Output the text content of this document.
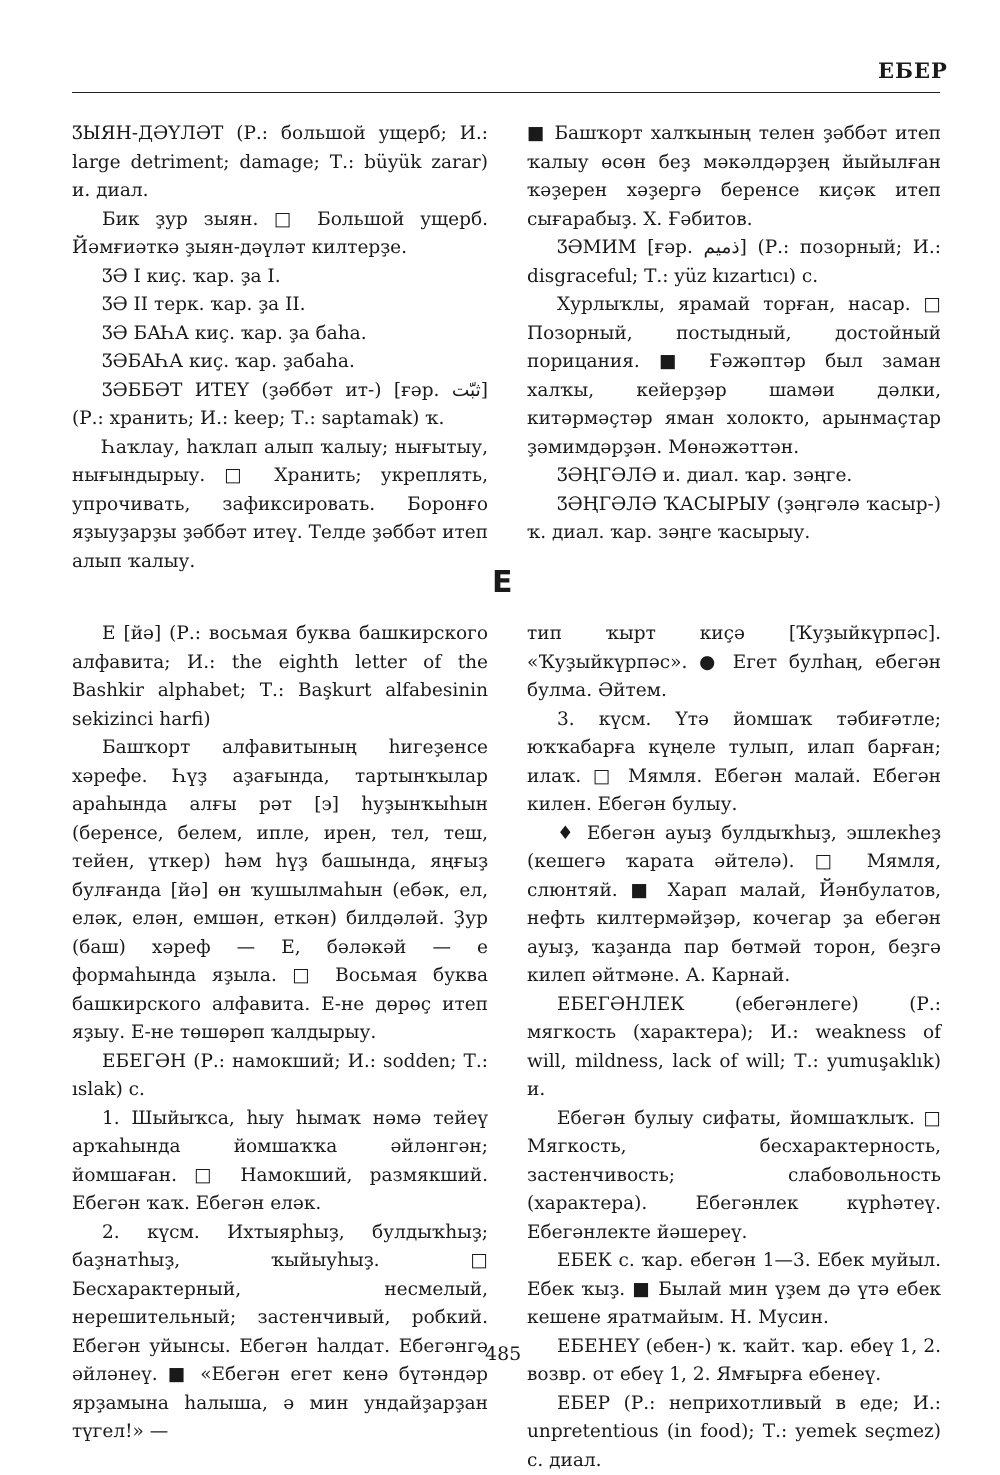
ЕБЕР

ƷЫЯН-ДӘҮЛӘТ (Р.: большой ущерб; И.: large detriment; damage; Т.: büyük zarar) и. диал.

Бик ҙур зыян. □ Большой ущерб. Йәмғиәткә ҙыян-дәүләт килтерҙе.

ƷӘ I киҫ. ҡар. ҙа I.

ƷӘ II терк. ҡар. ҙа II.

ƷӘ БАҺА киҫ. ҡар. ҙа баһа.

ƷӘБАҺА киҫ. ҡар. ҙабаһа.

ƷӘББӘТ ИТЕҮ (ҙәббәт ит-) [ғәр. ثبّت] (Р.: хранить; И.: keep; Т.: saptamak) ҡ.

Һаҡлау, һаҡлап алып ҡалыу; нығытыу, нығындырыу. □ Хранить; укреплять, упрочивать, зафиксировать. Боронғо яҙыуҙарҙы ҙәббәт итеү. Телде ҙәббәт итеп алып ҡалыу.

■ Башҡорт халҡының телен ҙәббәт итеп ҡалыу өсөн беҙ мәкәлдәрҙең йыйылған ҡәҙерен хәҙергә беренсе киҫәк итеп сығарабыҙ. Х. Ғәбитов.

ƷӘМИМ [ғәр. ذميم] (Р.: позорный; И.: disgraceful; Т.: yüz kızartıcı) с.

Хурлыҡлы, ярамай торған, насар. □ Позорный, постыдный, достойный порицания. ■ Ғәжәптәр был заман халҡы, кейерҙәр шамәи дәлки, китәрмәҫтәр яман холокто, арынмаҫтар ҙәмимдәрҙән. Мөнәжәттән.

ƷӘҢГӘЛӘ и. диал. ҡар. зәңге.

ƷӘҢГӘЛӘ ҠАСЫРЫУ (ҙәңгәлә ҡасыр-) ҡ. диал. ҡар. зәңге ҡасырыу.

Е

Е [йә] (Р.: восьмая буква башкирского алфавита; И.: the eighth letter of the Bashkir alphabet; Т.: Başkurt alfabesinin sekizinci harfi)

Башҡорт алфавитының һигеҙенсе хәрефе. Һүҙ аҙағында, тартынҡылар араһында алғы рәт [э] һуҙынҡыһын (беренсе, белем, ипле, ирен, тел, теш, тейен, үткер) һәм һүҙ башында, яңғыҙ булғанда [йә] өн ҡушылмаһын (ебәк, ел, еләк, елән, емшән, еткән) билдәләй. Ҙур (баш) хәреф — Е, бәләкәй — е формаһында яҙыла. □ Восьмая буква башкирского алфавита. Е-не дөрөҫ итеп яҙыу. Е-не төшөрөп ҡалдырыу.

ЕБЕГӘН (Р.: намокший; И.: sodden; Т.: ıslak) с.

1. Шыйыҡса, һыу һымаҡ нәмә тейеү арҡаһында йомшаҡҡа әйләнгән; йомшаған. □ Намокший, размякший. Ебегән ҡаҡ. Ебегән еләк.

2. күсм. Ихтыярһыҙ, булдыҡһыҙ; баҙнатһыҙ, ҡыйыуһыҙ. □ Бесхарактерный, несмелый, нерешительный; застенчивый, робкий. Ебегән уйынсы. Ебегән һалдат. Ебегәнгә әйләнеү. ■ «Ебегән егет кенә бүтәндәр ярҙамына һалыша, ә мин ундайҙарҙан түгел!» —

тип ҡырт киҫә [Ҡуҙыйкүрпәс]. «Ҡуҙыйкүрпәс». ● Егет булһаң, ебегән булма. Әйтем.

3. күсм. Үтә йомшаҡ тәбиғәтле; юҡҡабарға күңеле тулып, илап барған; илаҡ. □ Мямля. Ебегән малай. Ебегән килен. Ебегән булыу.

♦ Ебегән ауыҙ булдыҡһыҙ, эшлекһеҙ (кешегә ҡарата әйтелә). □ Мямля, слюнтяй. ■ Харап малай, Йәнбулатов, нефть килтермәйҙәр, кочегар ҙа ебегән ауыҙ, ҡаҙанда пар бөтмәй торон, беҙгә килеп әйтмәнe. А. Карнай.

ЕБЕГӘНЛЕК (ебегәнлеге) (Р.: мягкость (характера); И.: weakness of will, mildness, lack of will; Т.: yumuşaklık) и.

Ебегән булыу сифаты, йомшаҡлыҡ. □ Мягкость, бесхарактерность, застенчивость; слабовольность (характера). Ебегәнлек күрһәтеү. Ебегәнлекте йәшереү.

ЕБЕК с. ҡар. ебегән 1—3. Ебек муйыл. Ебек ҡыҙ. ■ Былай мин үҙем дә үтә ебек кешене яратмайым. Н. Мусин.

ЕБЕНЕҮ (ебен-) ҡ. ҡайт. ҡар. ебеү 1, 2. возвр. от ебеү 1, 2. Ямғырға ебенеү.

ЕБЕР (Р.: неприхотливый в еде; И.: unpretentious (in food); Т.: yemek seçmez) с. диал.

485
